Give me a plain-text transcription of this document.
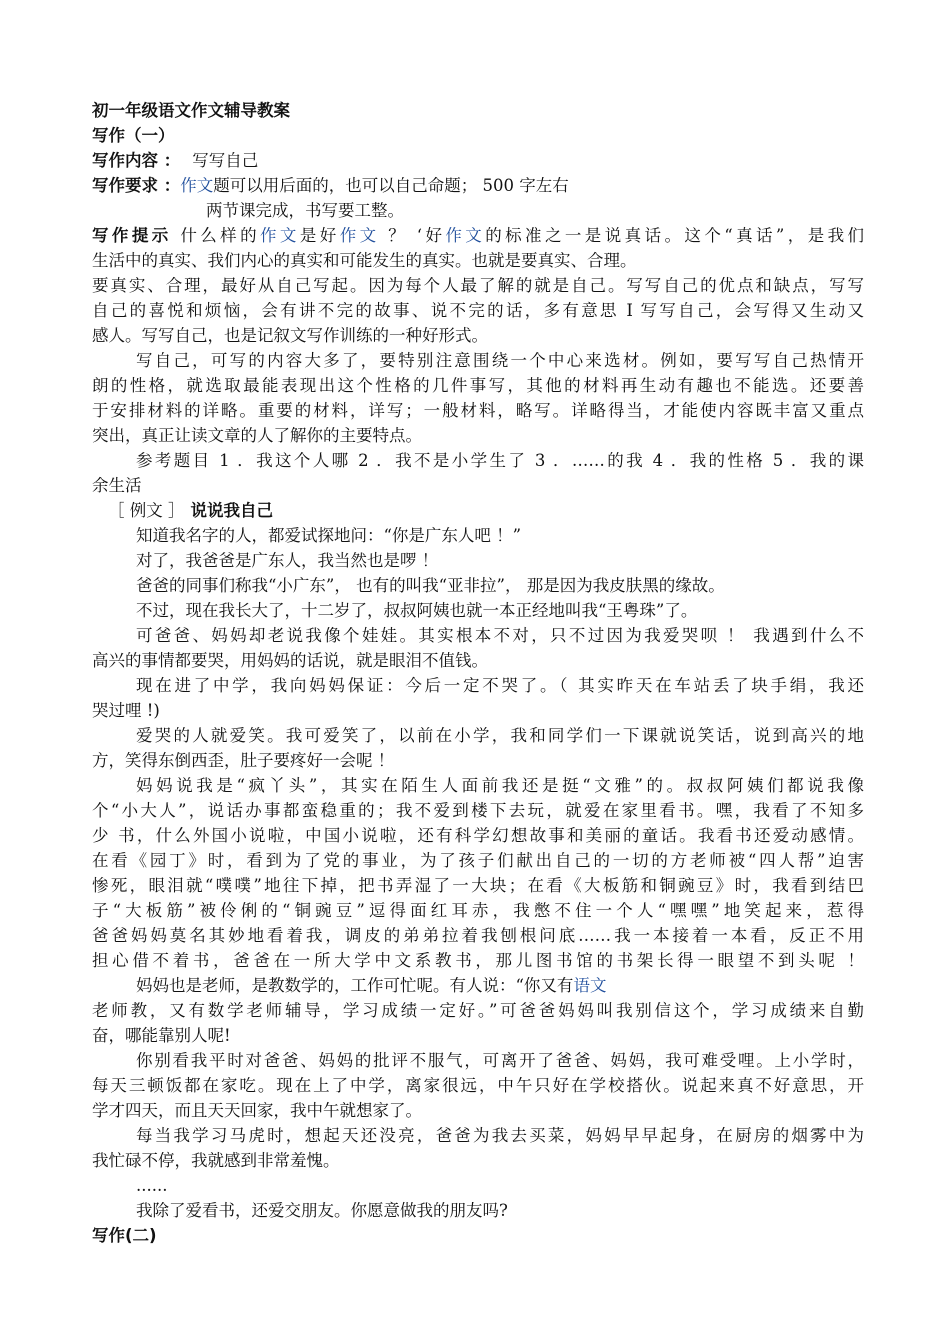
初一年级语文作文辅导教案
写作（一）
写作内容 ： 写写自己
写作要求 ：作文题可以用后面的，也可以自己命题； 500 字左右
两节课完成，书写要工整。
写作提示 什么样的作文是好作文 ？ ‘好作文的标准之一是说真话。这个“真话”，是我们
生活中的真实、我们内心的真实和可能发生的真实。也就是要真实、合理。
要真实、合理，最好从自己写起。因为每个人最了解的就是自己。写写自己的优点和缺点，写写
自己的喜悦和烦恼，会有讲不完的故事、说不完的话，多有意思 I 写写自己，会写得又生动又
感人。写写自己，也是记叙文写作训练的一种好形式。
写自己，可写的内容大多了，要特别注意围绕一个中心来选材。例如，要写写自己热情开
朗的性格，就选取最能表现出这个性格的几件事写，其他的材料再生动有趣也不能选。还要善
于安排材料的详略。重要的材料，详写；一般材料，略写。详略得当，才能使内容既丰富又重点
突出，真正让读文章的人了解你的主要特点。
参考题目 1 ．我这个人哪 2 ．我不是小学生了 3 ．……的我 4 ．我的性格 5 ．我的课
余生活
［ 例文 ］ 说说我自己
知道我名字的人，都爱试探地问：“你是广东人吧 ！”
对了，我爸爸是广东人，我当然也是啰 ！
爸爸的同事们称我“小广东”， 也有的叫我“亚非拉”， 那是因为我皮肤黑的缘故。
不过，现在我长大了，十二岁了，叔叔阿姨也就一本正经地叫我“王粤珠”了。
可爸爸、妈妈却老说我像个娃娃。其实根本不对，只不过因为我爱哭呗 ！ 我遇到什么不
高兴的事情都要哭，用妈妈的话说，就是眼泪不值钱。
现在进了中学，我向妈妈保证：今后一定不哭了。（ 其实昨天在车站丢了块手绢，我还
哭过哩 !)
爱哭的人就爱笑。我可爱笑了，以前在小学，我和同学们一下课就说笑话，说到高兴的地
方，笑得东倒西歪，肚子要疼好一会呢 ！
妈妈说我是“疯丫头”，其实在陌生人面前我还是挺“文雅”的。叔叔阿姨们都说我像
个“小大人”，说话办事都蛮稳重的；我不爱到楼下去玩，就爱在家里看书。嘿，我看了不知多
少 书，什么外国小说啦，中国小说啦，还有科学幻想故事和美丽的童话。我看书还爱动感情。
在看《园丁》时，看到为了党的事业，为了孩子们献出自己的一切的方老师被“四人帮”迫害
惨死，眼泪就“噗噗”地往下掉，把书弄湿了一大块；在看《大板筋和铜豌豆》时，我看到结巴
子“大板筋”被伶俐的“铜豌豆”逗得面红耳赤，我憋不住一个人“嘿嘿”地笑起来，惹得
爸爸妈妈莫名其妙地看着我，调皮的弟弟拉着我刨根问底……我一本接着一本看，反正不用
担心借不着书，爸爸在一所大学中文系教书，那儿图书馆的书架长得一眼望不到头呢 ！
妈妈也是老师，是教数学的，工作可忙呢。有人说：“你又有语文
老师教，又有数学老师辅导，学习成绩一定好。”可爸爸妈妈叫我别信这个，学习成绩来自勤
奋，哪能靠别人呢!
你别看我平时对爸爸、妈妈的批评不服气，可离开了爸爸、妈妈，我可难受哩。上小学时，
每天三顿饭都在家吃。现在上了中学，离家很远，中午只好在学校搭伙。说起来真不好意思，开
学才四天，而且天天回家，我中午就想家了。
每当我学习马虎时，想起天还没亮，爸爸为我去买菜，妈妈早早起身，在厨房的烟雾中为
我忙碌不停，我就感到非常羞愧。
......
我除了爱看书，还爱交朋友。你愿意做我的朋友吗?
写作(二)
